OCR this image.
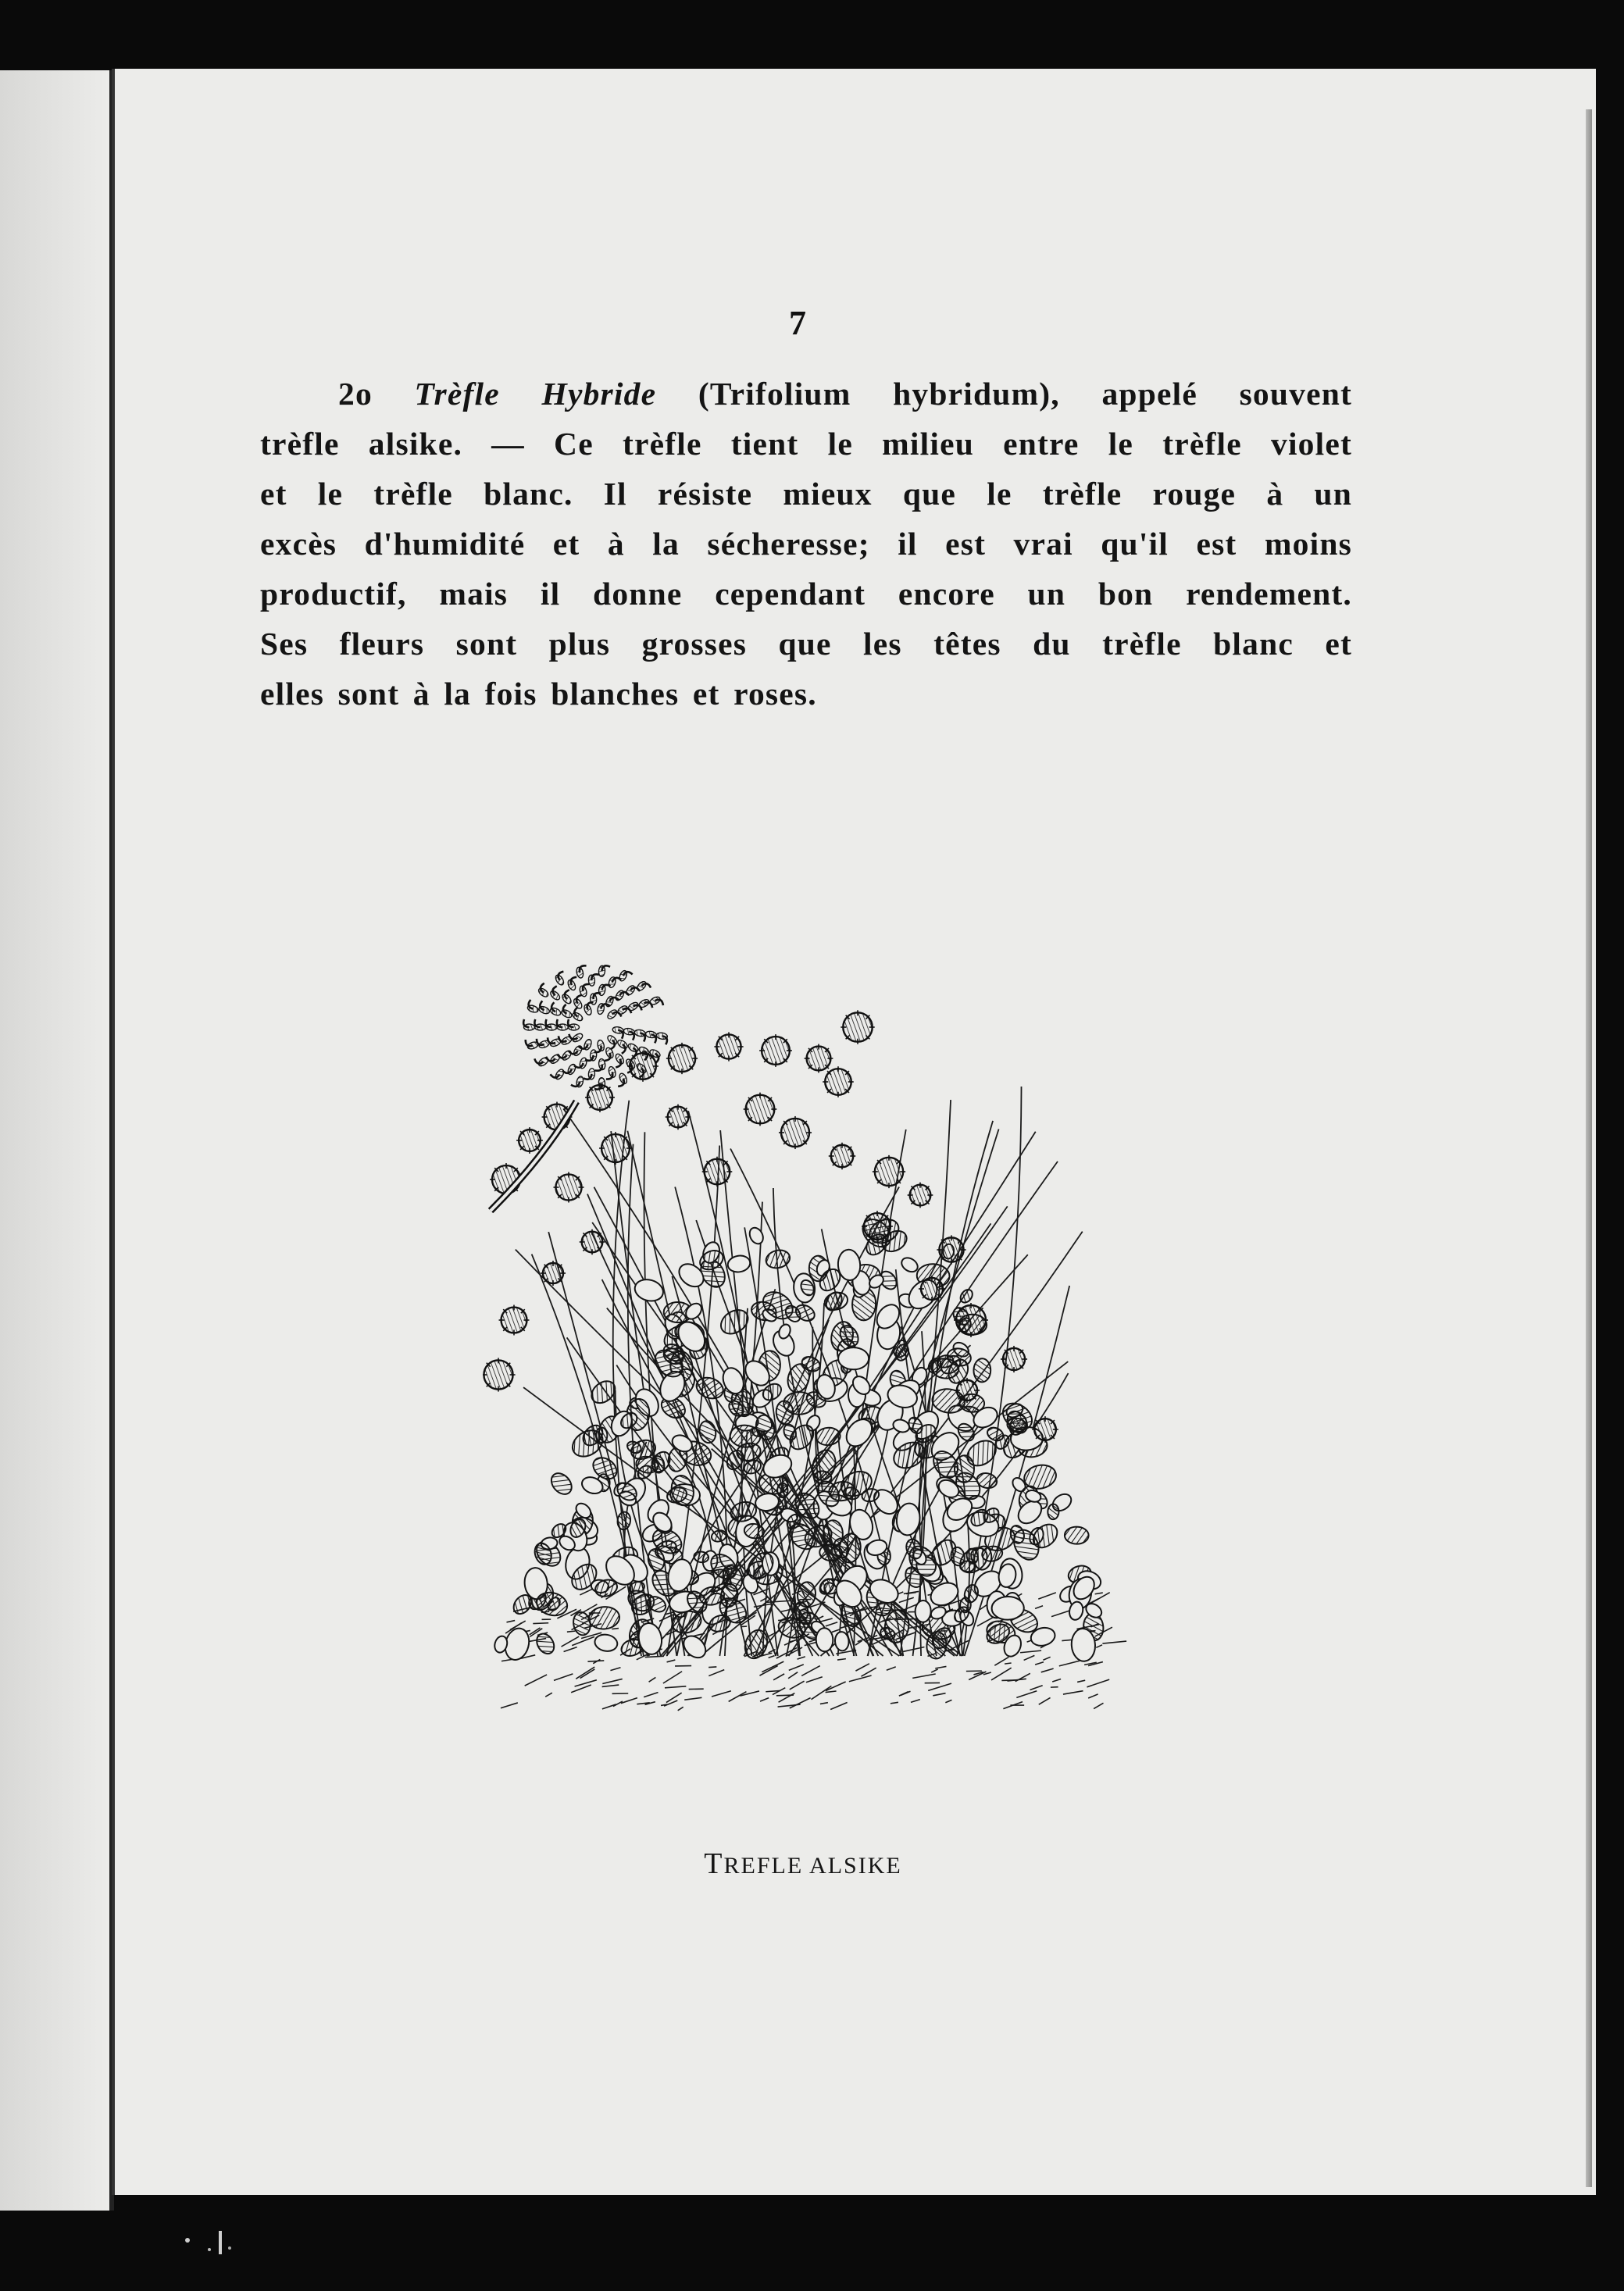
7
2o Trèfle Hybride (Trifolium hybridum), appelé souvent
trèfle alsike. — Ce trèfle tient le milieu entre le trèfle violet
et le trèfle blanc. Il résiste mieux que le trèfle rouge à un
excès d'humidité et à la sécheresse; il est vrai qu'il est moins
productif, mais il donne cependant encore un bon rendement.
Ses fleurs sont plus grosses que les têtes du trèfle blanc et
elles sont à la fois blanches et roses.
TREFLE ALSIKE
